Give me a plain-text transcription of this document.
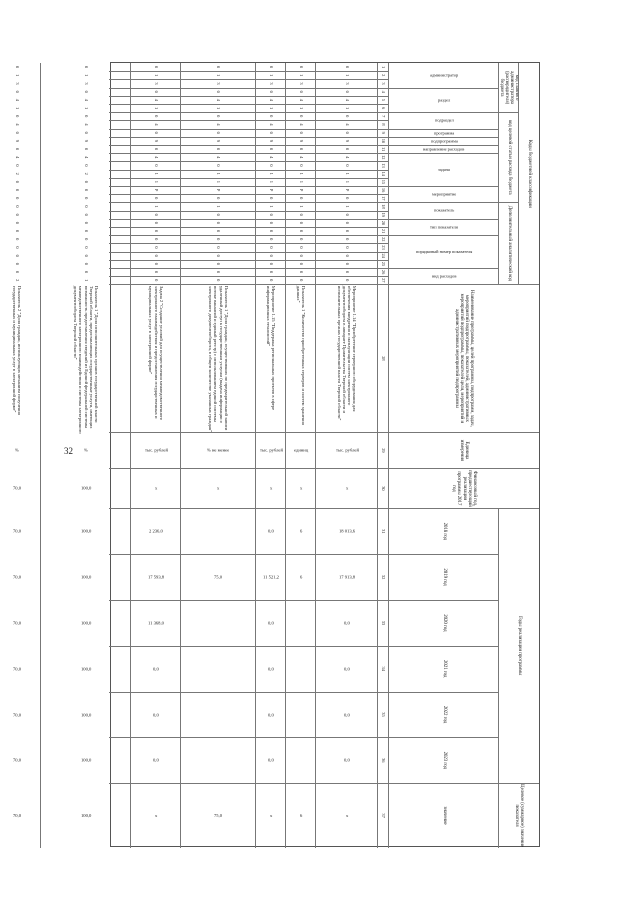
32
Коды бюджетной классификации
код главного администратора (распорядителя) бюджета
код целевой статьи расхода бюджета
Дополнительный аналитический код
Годы реализации программы
Целевое (суммарное) значение показателя
администратор
раздел
подраздел
программа
подпрограмма
направление расходов
задача
мероприятие
показатель
тип показателя
порядковый номер показателя
вид расходов
Наименование программы, целей программы, подпрограмм, задач, мероприятий подпрограммы, показателей, административных мероприятий подпрограммы, показателей цели, мероприятий и административных мероприятий подпрограммы
Единица измерения
Финансовый год, предшествующий реализации программы 2017 год
2018 год
2019 год
2020 год
2021 год
2022 год
2023 год
значение
1
2
3
4
5
6
7
8
9
10
11
12
13
14
15
16
17
18
19
20
21
22
23
24
25
26
27
28
29
30
31
32
33
34
35
36
37
0
1
3
0
4
1
0
4
0
9
0
4
0
1
1
Р
0
1
0
0
0
0
0
0
0
0
0
Мероприятие 1.14 "Приобретение серверного оборудования для обеспечения внедрения и эксплуатации систем электронного документооборота в аппарате Правительства Тверской области и исполнительных органах государственной власти Тверской области"
тыс. рублей
х
18 013,6
17 913,8
0,0
0,0
0,0
0,0
х
0
1
3
0
4
1
0
4
0
9
0
4
0
1
1
Р
0
1
0
0
0
0
0
0
0
0
0
Показатель 1 "Количество приобретенных серверов и систем хранения данных"
единиц
х
6
6
6
0
1
3
0
4
1
0
4
0
9
0
4
0
1
1
Р
0
1
0
0
0
0
0
0
0
0
0
Мероприятие 1.15 "Поддержка региональных проектов в сфере информационных технологий"
тыс. рублей
х
0,0
11 521,2
0,0
0,0
0,0
0,0
х
0
1
3
0
4
1
0
4
0
9
0
4
0
1
1
Р
0
1
0
0
0
0
0
0
0
0
0
Показатель 1 "Доля граждан, осуществивших по предварительной записи удаленный доступ к государственным услугам (выдача информации о потоке вакансий и единый реестр) с использованием единой системы электронного документооборота, в общем количестве указанных граждан"
% не менее
х
75,0
75,0
0
1
3
0
4
1
0
4
0
9
0
4
0
1
1
Р
0
1
0
0
0
0
0
0
0
0
0
Задача 2 "Создание условий для осуществления межведомственного электронного взаимодействия и предоставления государственных и муниципальных услуг в электронной форме"
тыс. рублей
х
2 236,0
17 593,8
11 368,0
0,0
0,0
0,0
х
0
1
3
0
4
1
0
4
0
9
0
4
0
2
0
0
0
0
0
0
0
0
0
0
0
0
1
Показатель 1 "Доля исполнительных органов государственной власти Тверской области, предоставляющих государственные услуги, имеющих возможность предоставления сведений из Единой федеральной системы межведомственного электронного взаимодействия и системы электронного документооборота Тверской области"
%
100,0
100,0
100,0
100,0
100,0
100,0
100,0
100,0
0
1
3
0
4
1
0
4
0
9
0
4
0
2
0
0
0
0
0
0
0
0
0
0
0
0
2
Показатель 2 "Доля граждан, использующих механизм получения государственных и муниципальных услуг в электронной форме"
%
70,0
70,0
70,0
70,0
70,0
70,0
70,0
70,0
